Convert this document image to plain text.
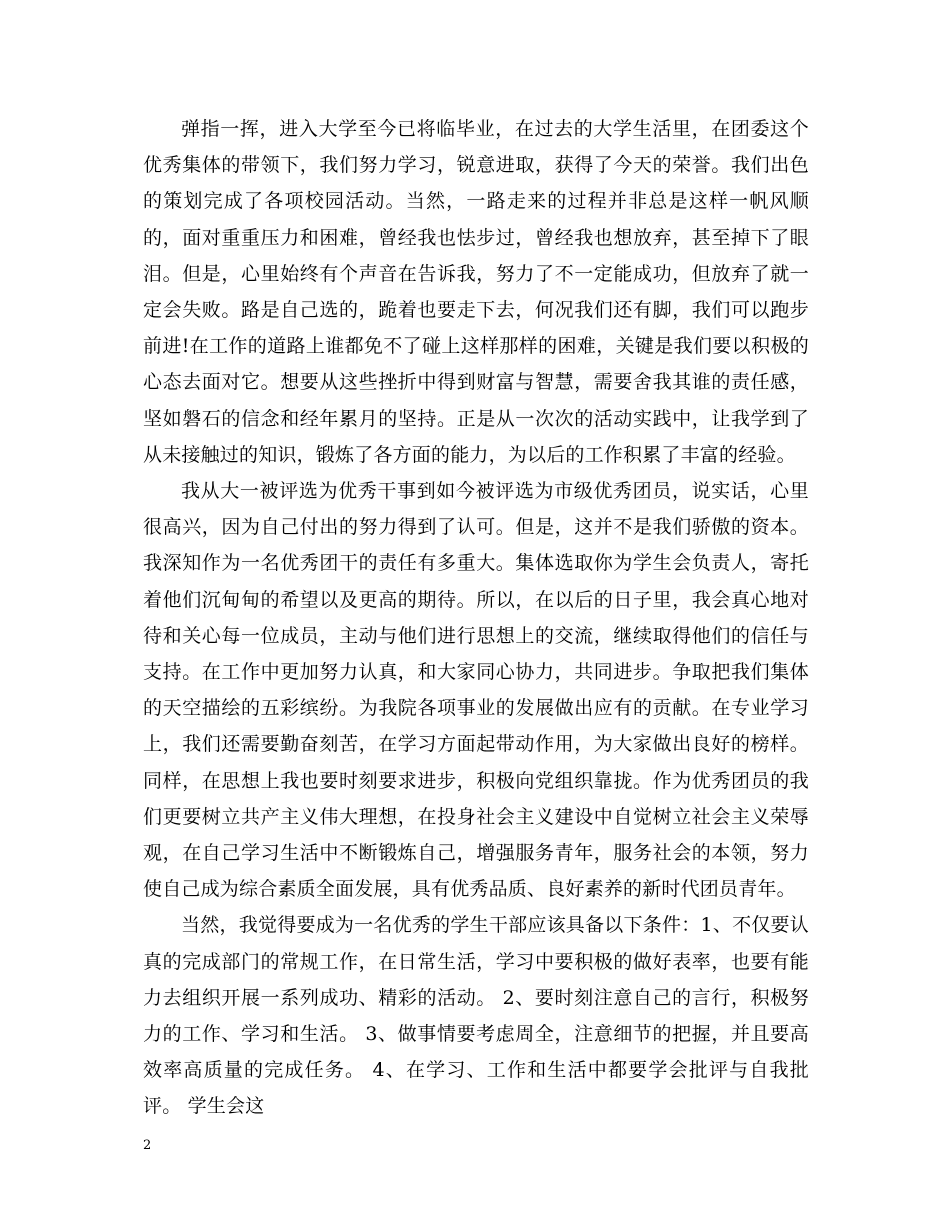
弹指一挥，进入大学至今已将临毕业，在过去的大学生活里，在团委这个优秀集体的带领下，我们努力学习，锐意进取，获得了今天的荣誉。我们出色的策划完成了各项校园活动。当然，一路走来的过程并非总是这样一帆风顺的，面对重重压力和困难，曾经我也怯步过，曾经我也想放弃，甚至掉下了眼泪。但是，心里始终有个声音在告诉我，努力了不一定能成功，但放弃了就一定会失败。路是自己选的，跪着也要走下去，何况我们还有脚，我们可以跑步前进!在工作的道路上谁都免不了碰上这样那样的困难，关键是我们要以积极的心态去面对它。想要从这些挫折中得到财富与智慧，需要舍我其谁的责任感，坚如磐石的信念和经年累月的坚持。正是从一次次的活动实践中，让我学到了从未接触过的知识，锻炼了各方面的能力，为以后的工作积累了丰富的经验。

我从大一被评选为优秀干事到如今被评选为市级优秀团员，说实话，心里很高兴，因为自己付出的努力得到了认可。但是，这并不是我们骄傲的资本。我深知作为一名优秀团干的责任有多重大。集体选取你为学生会负责人，寄托着他们沉甸甸的希望以及更高的期待。所以，在以后的日子里，我会真心地对待和关心每一位成员，主动与他们进行思想上的交流，继续取得他们的信任与支持。在工作中更加努力认真，和大家同心协力，共同进步。争取把我们集体的天空描绘的五彩缤纷。为我院各项事业的发展做出应有的贡献。在专业学习上，我们还需要勤奋刻苦，在学习方面起带动作用，为大家做出良好的榜样。同样，在思想上我也要时刻要求进步，积极向党组织靠拢。作为优秀团员的我们更要树立共产主义伟大理想，在投身社会主义建设中自觉树立社会主义荣辱观，在自己学习生活中不断锻炼自己，增强服务青年，服务社会的本领，努力使自己成为综合素质全面发展，具有优秀品质、良好素养的新时代团员青年。

当然，我觉得要成为一名优秀的学生干部应该具备以下条件：1、不仅要认真的完成部门的常规工作，在日常生活，学习中要积极的做好表率，也要有能力去组织开展一系列成功、精彩的活动。 2、要时刻注意自己的言行，积极努力的工作、学习和生活。 3、做事情要考虑周全，注意细节的把握，并且要高效率高质量的完成任务。 4、在学习、工作和生活中都要学会批评与自我批评。 学生会这

2
